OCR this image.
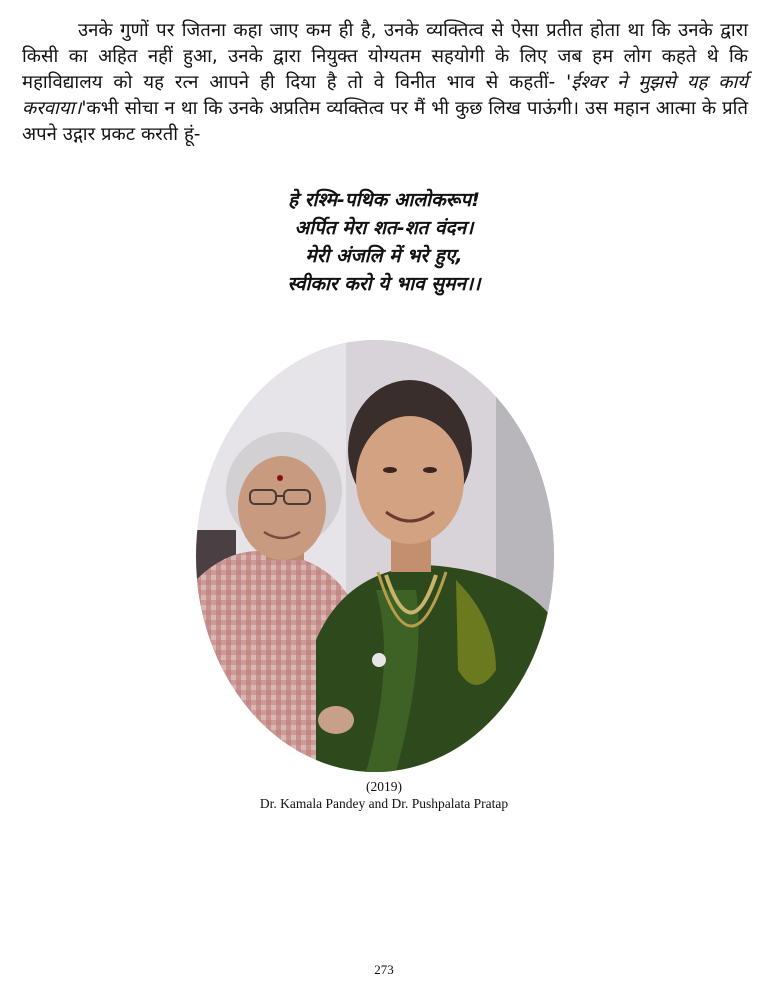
उनके गुणों पर जितना कहा जाए कम ही है, उनके व्यक्तित्व से ऐसा प्रतीत होता था कि उनके द्वारा किसी का अहित नहीं हुआ, उनके द्वारा नियुक्त योग्यतम सहयोगी के लिए जब हम लोग कहते थे कि महाविद्यालय को यह रत्न आपने ही दिया है तो वे विनीत भाव से कहतीं- 'ईश्वर ने मुझसे यह कार्य करवाया।'कभी सोचा न था कि उनके अप्रतिम व्यक्तित्व पर मैं भी कुछ लिख पाऊंगी। उस महान आत्मा के प्रति अपने उद्गार प्रकट करती हूं-

हे रश्मि-पथिक आलोकरूप!
अर्पित मेरा शत-शत वंदन।
मेरी अंजलि में भरे हुए,
स्वीकार करो ये भाव सुमन।।
(2019)
Dr. Kamala Pandey and Dr. Pushpalata Pratap
273
